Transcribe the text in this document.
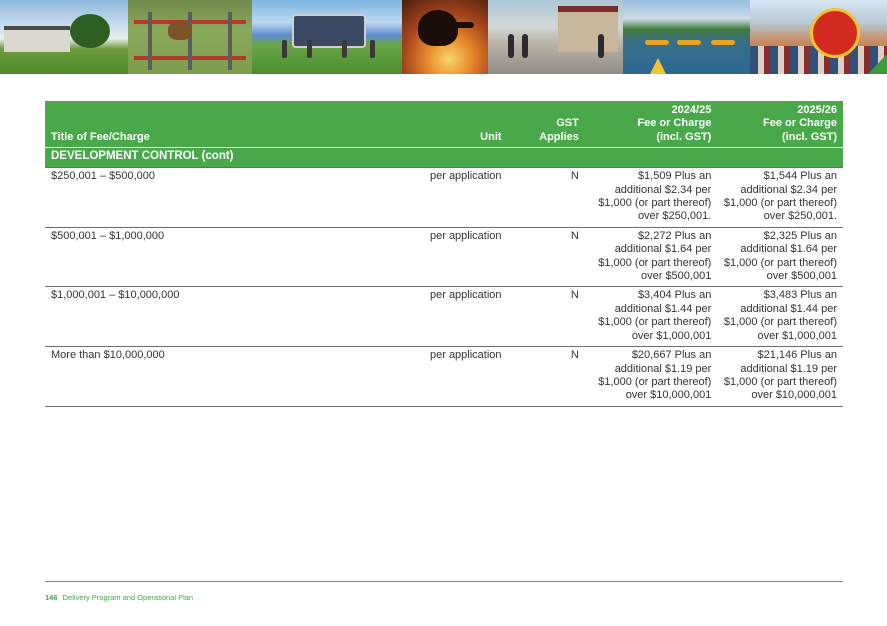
Title of Fee/Charge	Unit	GST
Applies	2024/25
Fee or Charge
(incl. GST)	2025/26
Fee or Charge
(incl. GST)
DEVELOPMENT CONTROL (cont)				
$250,001 – $500,000	per application	N	$1,509 Plus an
additional $2.34 per
$1,000 (or part thereof)
over $250,001.	$1,544 Plus an
additional $2.34 per
$1,000 (or part thereof)
over $250,001.
$500,001 – $1,000,000	per application	N	$2,272 Plus an
additional $1.64 per
$1,000 (or part thereof)
over $500,001	$2,325 Plus an
additional $1.64 per
$1,000 (or part thereof)
over $500,001
$1,000,001 – $10,000,000	per application	N	$3,404 Plus an
additional $1.44 per
$1,000 (or part thereof)
over $1,000,001	$3,483 Plus an
additional $1.44 per
$1,000 (or part thereof)
over $1,000,001
More than $10,000,000	per application	N	$20,667 Plus an
additional $1.19 per
$1,000 (or part thereof)
over $10,000,001	$21,146 Plus an
additional $1.19 per
$1,000 (or part thereof)
over $10,000,001
146 Delivery Program and Operational Plan
